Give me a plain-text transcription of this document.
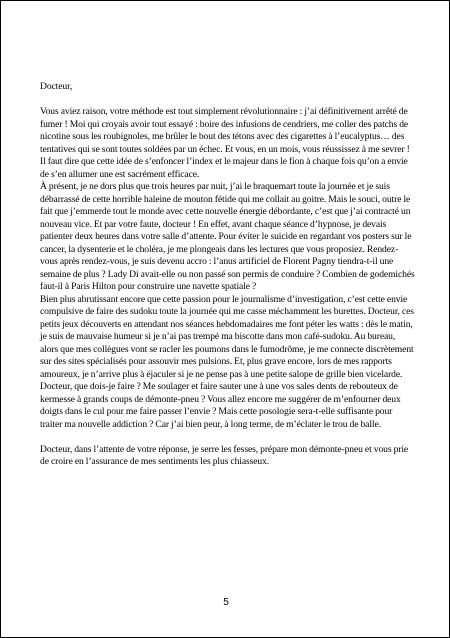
Docteur,

Vous aviez raison, votre méthode est tout simplement révolutionnaire : j’ai définitivement arrêté de fumer ! Moi qui croyais avoir tout essayé : boire des infusions de cendriers, me coller des patchs de nicotine sous les roubignoles, me brûler le bout des tétons avec des cigarettes à l’eucalyptus… des tentatives qui se sont toutes soldées par un échec. Et vous, en un mois, vous réussissez à me sevrer ! Il faut dire que cette idée de s’enfoncer l’index et le majeur dans le fion à chaque fois qu’on a envie de s’en allumer une est sacrément efficace.

À présent, je ne dors plus que trois heures par nuit, j’ai le braquemart toute la journée et je suis débarrassé de cette horrible haleine de mouton fétide qui me collait au goitre. Mais le souci, outre le fait que j’emmerde tout le monde avec cette nouvelle énergie débordante, c’est que j’ai contracté un nouveau vice. Et par votre faute, docteur ! En effet, avant chaque séance d’hypnose, je devais patienter deux heures dans votre salle d’attente. Pour éviter le suicide en regardant vos posters sur le cancer, la dysenterie et le choléra, je me plongeais dans les lectures que vous proposiez. Rendez-vous après rendez-vous, je suis devenu accro : l’anus artificiel de Florent Pagny tiendra-t-il une semaine de plus ? Lady Di avait-elle ou non passé son permis de conduire ? Combien de godemichés faut-il à Paris Hilton pour construire une navette spatiale ?

Bien plus abrutissant encore que cette passion pour le journalisme d’investigation, c’est cette envie compulsive de faire des sudoku toute la journée qui me casse méchamment les burettes. Docteur, ces petits jeux découverts en attendant nos séances hebdomadaires me font péter les watts : dès le matin, je suis de mauvaise humeur si je n’ai pas trempé ma biscotte dans mon café-sudoku. Au bureau, alors que mes collègues vont se racler les poumons dans le fumodrôme, je me connecte discrètement sur des sites spécialisés pour assouvir mes pulsions. Et, plus grave encore, lors de mes rapports amoureux, je n’arrive plus à éjaculer si je ne pense pas à une petite salope de grille bien vicelarde.

Docteur, que dois-je faire ? Me soulager et faire sauter une à une vos sales dents de rebouteux de kermesse à grands coups de démonte-pneu ? Vous allez encore me suggérer de m’enfourner deux doigts dans le cul pour me faire passer l’envie ? Mais cette posologie sera-t-elle suffisante pour traiter ma nouvelle addiction ? Car j’ai bien peur, à long terme, de m’éclater le trou de balle.

Docteur, dans l’attente de votre réponse, je serre les fesses, prépare mon démonte-pneu et vous prie de croire en l’assurance de mes sentiments les plus chiasseux.

5
